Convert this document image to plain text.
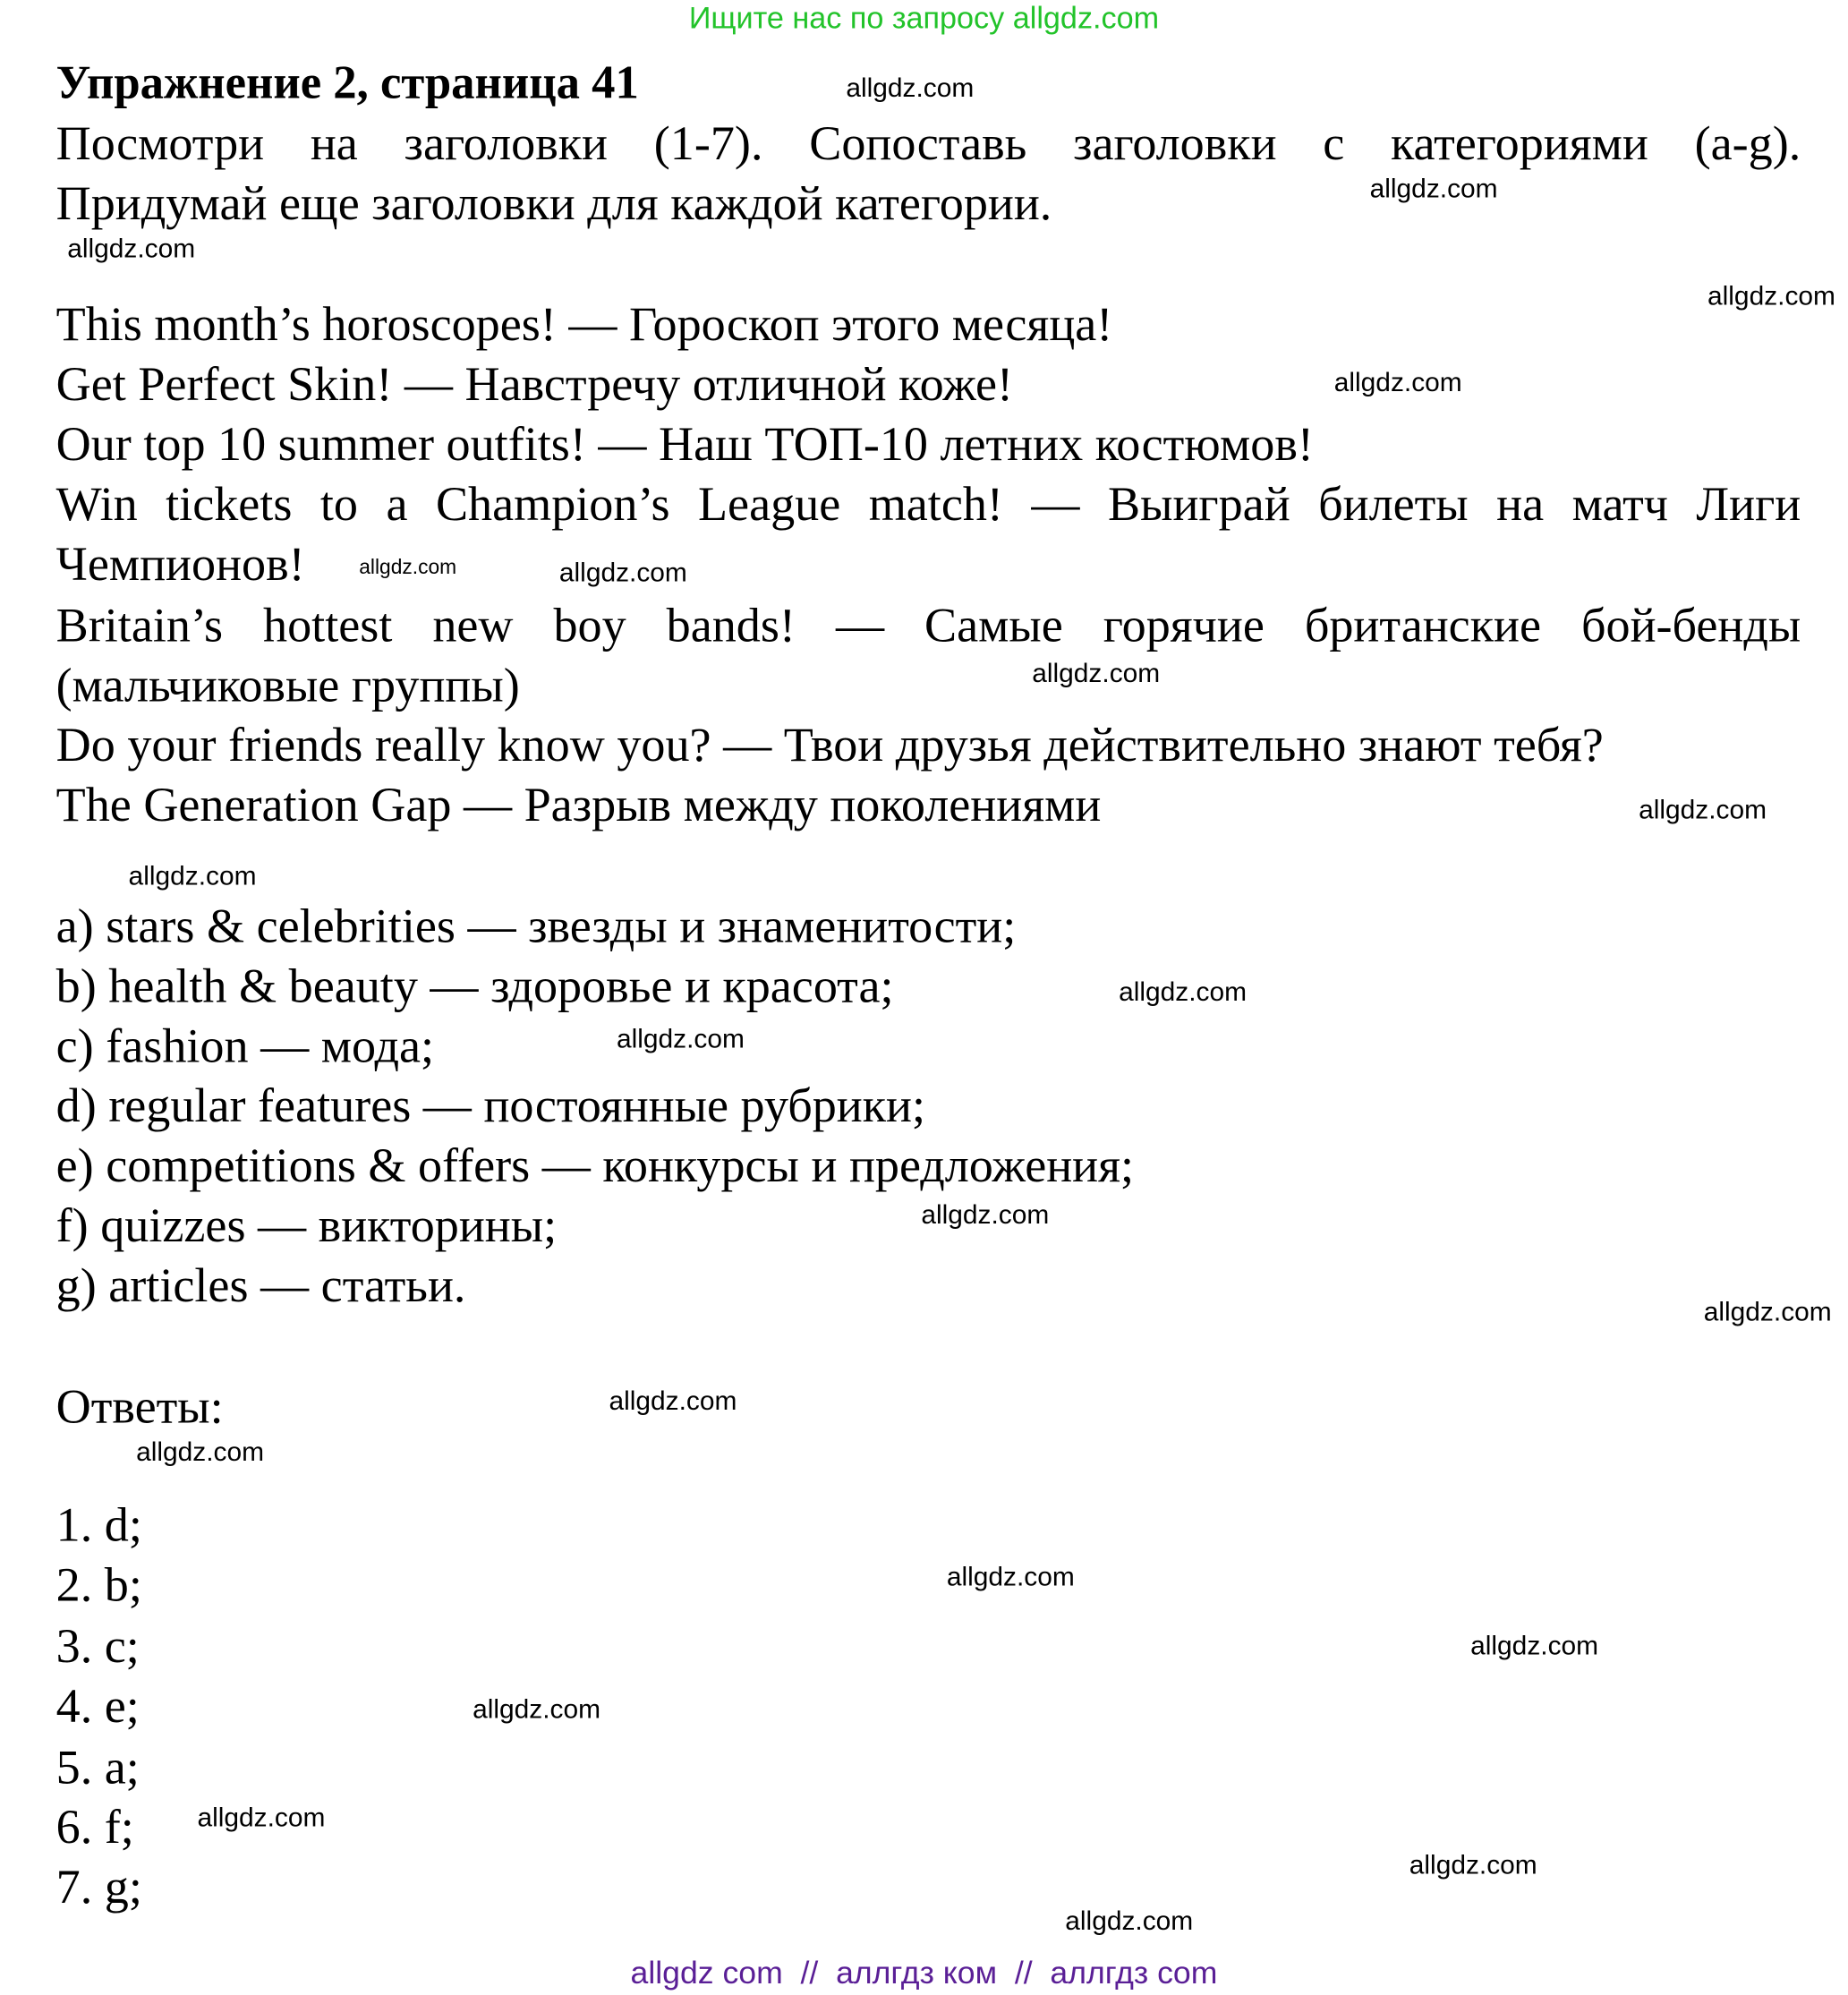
Ищите нас по запросу allgdz.com
Упражнение 2, страница 41
Посмотри на заголовки (1-7). Сопоставь заголовки с категориями (a-g).
Придумай еще заголовки для каждой категории.
This month’s horoscopes! — Гороскоп этого месяца!
Get Perfect Skin! — Навстречу отличной коже!
Our top 10 summer outfits! — Наш ТОП-10 летних костюмов!
Win tickets to a Champion’s League match! — Выиграй билеты на матч Лиги
Чемпионов!
Britain’s hottest new boy bands! — Самые горячие британские бой-бенды
(мальчиковые группы)
Do your friends really know you? — Твои друзья действительно знают тебя?
The Generation Gap — Разрыв между поколениями
a) stars & celebrities — звезды и знаменитости;
b) health & beauty — здоровье и красота;
c) fashion — мода;
d) regular features — постоянные рубрики;
e) competitions & offers — конкурсы и предложения;
f) quizzes — викторины;
g) articles — статьи.
Ответы:
1. d;
2. b;
3. c;
4. e;
5. a;
6. f;
7. g;
allgdz.com
allgdz.com
allgdz.com
allgdz.com
allgdz.com
allgdz.com	allgdz.com
allgdz.com
allgdz.com
allgdz.com
allgdz.com
allgdz.com
allgdz.com
allgdz.com
allgdz.com
allgdz.com
allgdz.com
allgdz.com
allgdz.com
allgdz.com
allgdz.com
allgdz.com
allgdz com  //  аллгдз ком  //  аллгдз com
